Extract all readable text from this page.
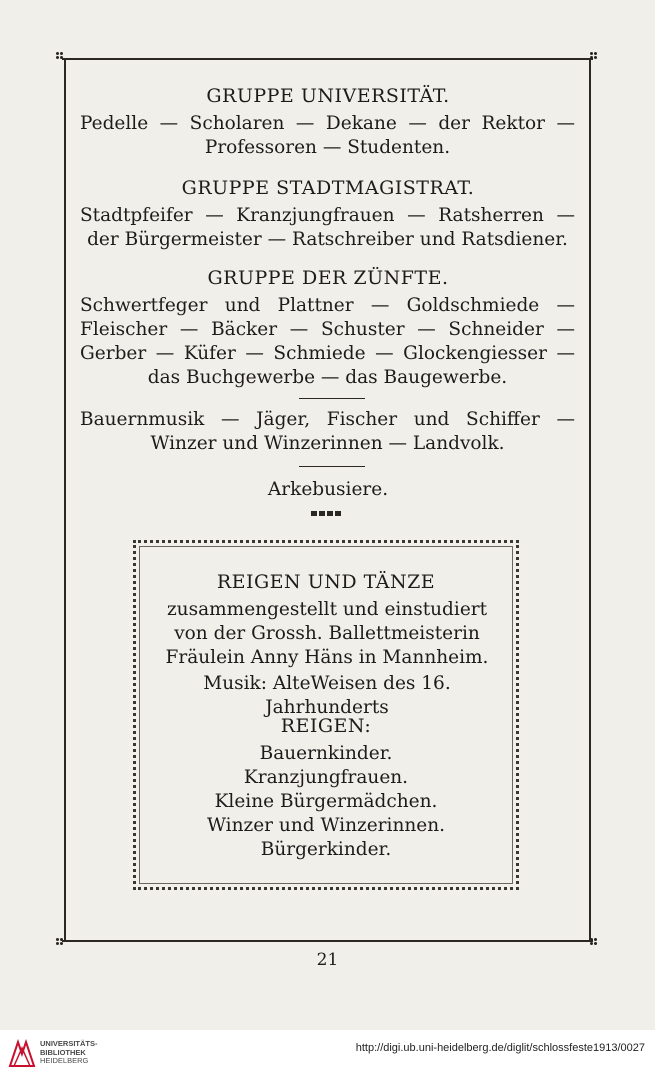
GRUPPE UNIVERSITÄT.
Pedelle — Scholaren — Dekane — der Rektor — Professoren — Studenten.
GRUPPE STADTMAGISTRAT.
Stadtpfeifer — Kranzjungfrauen — Ratsherren — der Bürgermeister — Ratschreiber und Ratsdiener.
GRUPPE DER ZÜNFTE.
Schwertfeger und Plattner — Goldschmiede — Fleischer — Bäcker — Schuster — Schneider — Gerber — Küfer — Schmiede — Glockengiesser — das Buchgewerbe — das Baugewerbe.
Bauernmusik — Jäger, Fischer und Schiffer — Winzer und Winzerinnen — Landvolk.
Arkebusiere.
REIGEN UND TÄNZE
zusammengestellt und einstudiert von der Grossh. Ballettmeisterin Fräulein Anny Häns in Mannheim.
Musik: AlteWeisen des 16. Jahrhunderts
REIGEN:
Bauernkinder.
Kranzjungfrauen.
Kleine Bürgermädchen.
Winzer und Winzerinnen.
Bürgerkinder.
21
UNIVERSITÄTS-
BIBLIOTHEK
HEIDELBERG
http://digi.ub.uni-heidelberg.de/diglit/schlossfeste1913/0027
